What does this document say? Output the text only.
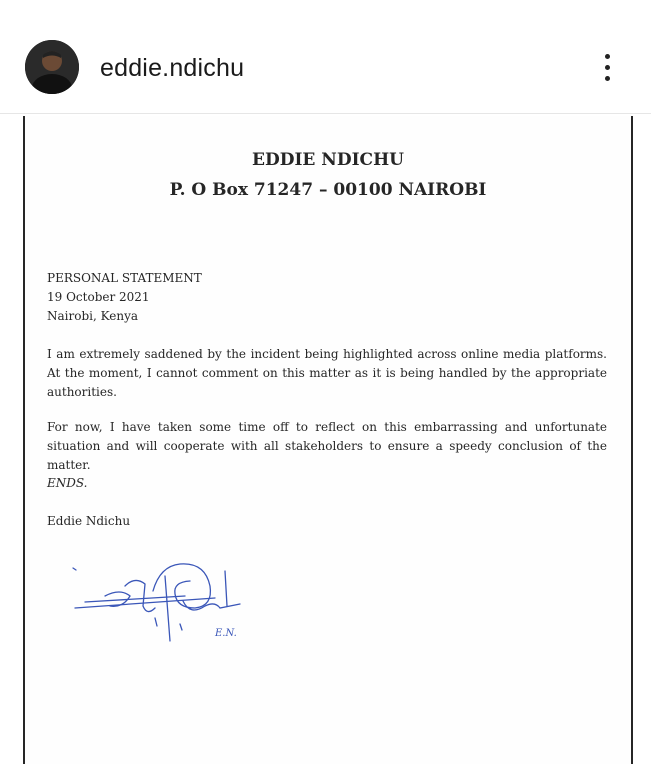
eddie.ndichu
EDDIE NDICHU
P. O Box 71247 – 00100 NAIROBI
PERSONAL STATEMENT
19 October 2021
Nairobi, Kenya
I am extremely saddened by the incident being highlighted across online media platforms. At the moment, I cannot comment on this matter as it is being handled by the appropriate authorities.
For now, I have taken some time off to reflect on this embarrassing and unfortunate situation and will cooperate with all stakeholders to ensure a speedy conclusion of the matter.
ENDS.
Eddie Ndichu
E.N.
